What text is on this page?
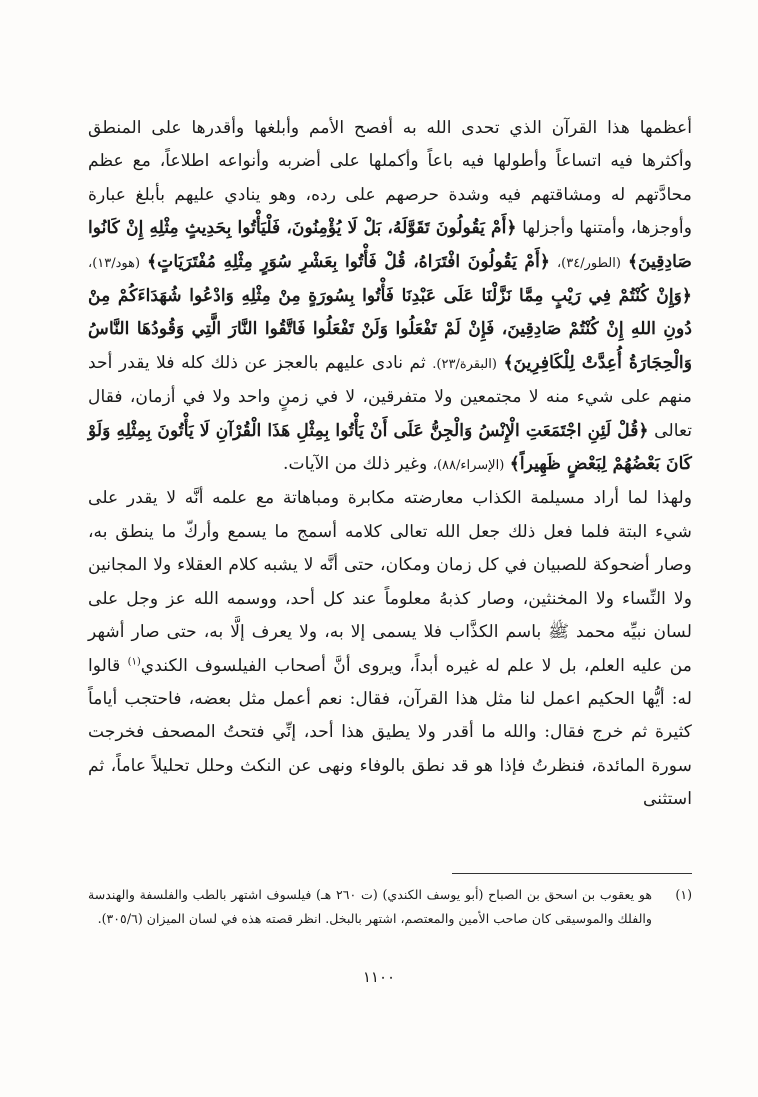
أعظمها هذا القرآن الذي تحدى الله به أفصح الأمم وأبلغها وأقدرها على المنطق وأكثرها فيه اتساعاً وأطولها فيه باعاً وأكملها على أضربه وأنواعه اطلاعاً، مع عظم محادَّتهم له ومشاقتهم فيه وشدة حرصهم على رده، وهو ينادي عليهم بأبلغ عبارة وأوجزها، وأمتنها وأجزلها ﴿أَمْ يَقُولُونَ تَقَوَّلَهُ، بَلْ لَا يُؤْمِنُونَ، فَلْيَأْتُوا بِحَدِيثٍ مِثْلِهِ إِنْ كَانُوا صَادِقِينَ﴾ (الطور/٣٤)، ﴿أَمْ يَقُولُونَ افْتَرَاهُ، قُلْ فَأْتُوا بِعَشْرِ سُوَرٍ مِثْلِهِ مُفْتَرَيَاتٍ﴾ (هود/١٣)، ﴿وَإِنْ كُنْتُمْ فِي رَيْبٍ مِمَّا نَزَّلْنَا عَلَى عَبْدِنَا فَأْتُوا بِسُورَةٍ مِنْ مِثْلِهِ وَادْعُوا شُهَدَاءَكُمْ مِنْ دُونِ اللهِ إِنْ كُنْتُمْ صَادِقِينَ، فَإِنْ لَمْ تَفْعَلُوا وَلَنْ تَفْعَلُوا فَاتَّقُوا النَّارَ الَّتِي وَقُودُهَا النَّاسُ وَالْحِجَارَةُ أُعِدَّتْ لِلْكَافِرِينَ﴾ (البقرة/٢٣). ثم نادى عليهم بالعجز عن ذلك كله فلا يقدر أحد منهم على شيء منه لا مجتمعين ولا متفرقين، لا في زمنٍ واحد ولا في أزمان، فقال تعالى ﴿قُلْ لَئِنِ اجْتَمَعَتِ الْإِنْسُ وَالْجِنُّ عَلَى أَنْ يَأْتُوا بِمِثْلِ هَذَا الْقُرْآنِ لَا يَأْتُونَ بِمِثْلِهِ وَلَوْ كَانَ بَعْضُهُمْ لِبَعْضٍ ظَهِيراً﴾ (الإسراء/٨٨)، وغير ذلك من الآيات.

ولهذا لما أراد مسيلمة الكذاب معارضته مكابرة ومباهاتة مع علمه أنَّه لا يقدر على شيء البتة فلما فعل ذلك جعل الله تعالى كلامه أسمج ما يسمع وأركّ ما ينطق به، وصار أضحوكة للصبيان في كل زمان ومكان، حتى أنَّه لا يشبه كلام العقلاء ولا المجانين ولا النِّساء ولا المخنثين، وصار كذبهُ معلوماً عند كل أحد، ووسمه الله عز وجل على لسان نبيِّه محمد ﷺ باسم الكذَّاب فلا يسمى إلا به، ولا يعرف إلَّا به، حتى صار أشهر من عليه العلم، بل لا علم له غيره أبداً، ويروى أنَّ أصحاب الفيلسوف الكندي$^{(١)}$ قالوا له: أيُّها الحكيم اعمل لنا مثل هذا القرآن، فقال: نعم أعمل مثل بعضه، فاحتجب أياماً كثيرة ثم خرج فقال: والله ما أقدر ولا يطيق هذا أحد، إنِّي فتحتُ المصحف فخرجت سورة المائدة، فنظرتُ فإذا هو قد نطق بالوفاء ونهى عن النكث وحلل تحليلاً عاماً، ثم استثنى

(١)
هو يعقوب بن اسحق بن الصباح (أبو يوسف الكندي) (ت ٢٦٠ هـ) فيلسوف اشتهر بالطب والفلسفة والهندسة والفلك والموسيقى كان صاحب الأمين والمعتصم، اشتهر بالبخل. انظر قصته هذه في لسان الميزان (٣٠٥/٦).
١١٠٠
